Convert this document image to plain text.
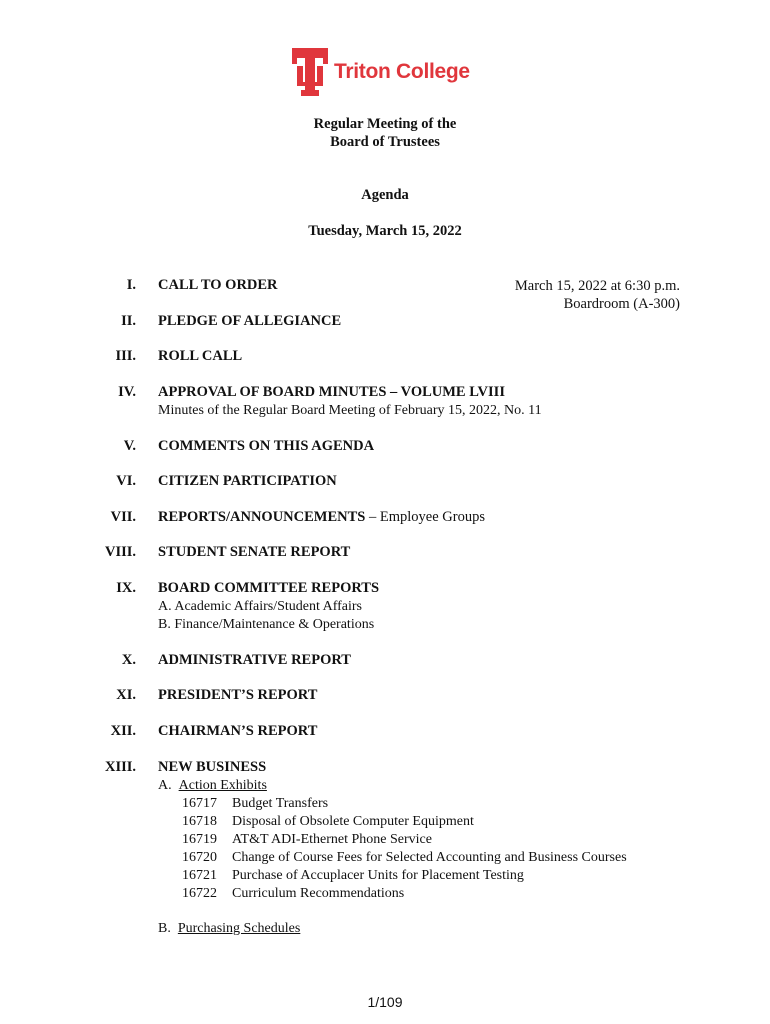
Triton College
Regular Meeting of the
Board of Trustees
Agenda
Tuesday, March 15, 2022
March 15, 2022 at 6:30 p.m.
Boardroom (A-300)
I. CALL TO ORDER
II. PLEDGE OF ALLEGIANCE
III. ROLL CALL
IV. APPROVAL OF BOARD MINUTES – VOLUME LVIII
Minutes of the Regular Board Meeting of February 15, 2022, No. 11
V. COMMENTS ON THIS AGENDA
VI. CITIZEN PARTICIPATION
VII. REPORTS/ANNOUNCEMENTS – Employee Groups
VIII. STUDENT SENATE REPORT
IX. BOARD COMMITTEE REPORTS
A. Academic Affairs/Student Affairs
B. Finance/Maintenance & Operations
X. ADMINISTRATIVE REPORT
XI. PRESIDENT’S REPORT
XII. CHAIRMAN’S REPORT
XIII. NEW BUSINESS
A. Action Exhibits
16717 Budget Transfers
16718 Disposal of Obsolete Computer Equipment
16719 AT&T ADI-Ethernet Phone Service
16720 Change of Course Fees for Selected Accounting and Business Courses
16721 Purchase of Accuplacer Units for Placement Testing
16722 Curriculum Recommendations
B. Purchasing Schedules
1/109
